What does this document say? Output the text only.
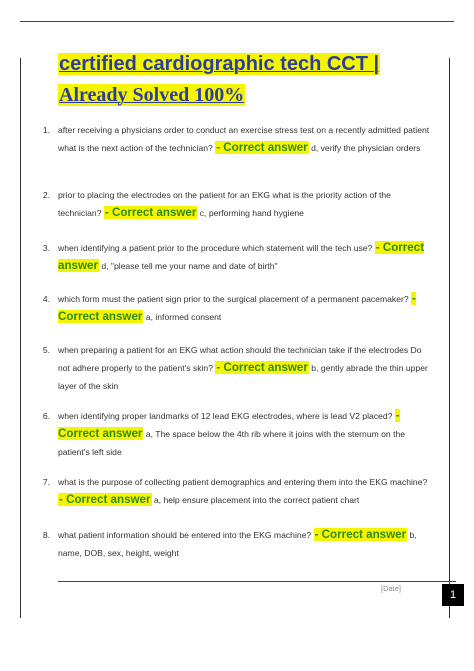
certified cardiographic tech CCT |
Already Solved 100%
1. after receiving a physicians order to conduct an exercise stress test on a recently admitted patient what is the next action of the technician? - Correct answer d, verify the physician orders
2. prior to placing the electrodes on the patient for an EKG what is the priority action of the technician? - Correct answer c, performing hand hygiene
3. when identifying a patient prior to the procedure which statement will the tech use? - Correct answer d, "please tell me your name and date of birth"
4. which form must the patient sign prior to the surgical placement of a permanent pacemaker? - Correct answer a, informed consent
5. when preparing a patient for an EKG what action should the technician take if the electrodes Do not adhere properly to the patient's skin? - Correct answer b, gently abrade the thin upper layer of the skin
6. when identifying proper landmarks of 12 lead EKG electrodes, where is lead V2 placed? - Correct answer a, The space below the 4th rib where it joins with the sternum on the patient's left side
7. what is the purpose of collecting patient demographics and entering them into the EKG machine? - Correct answer a, help ensure placement into the correct patient chart
8. what patient information should be entered into the EKG machine? - Correct answer b, name, DOB, sex, height, weight
[Date]
1
